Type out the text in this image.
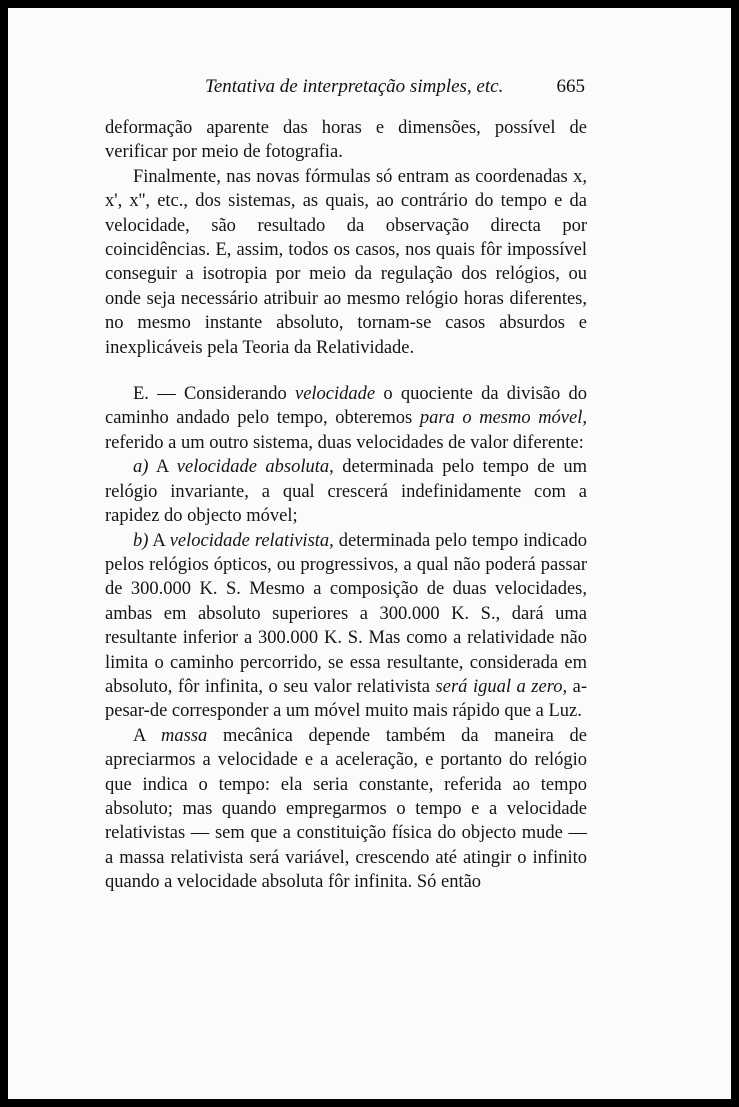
Tentativa de interpretação simples, etc.	665

deformação aparente das horas e dimensões, possível de verificar por meio de fotografia.

Finalmente, nas novas fórmulas só entram as coordenadas x, x', x'', etc., dos sistemas, as quais, ao contrário do tempo e da velocidade, são resultado da observação directa por coincidências. E, assim, todos os casos, nos quais fôr impossível conseguir a isotropia por meio da regulação dos relógios, ou onde seja necessário atribuir ao mesmo relógio horas diferentes, no mesmo instante absoluto, tornam-se casos absurdos e inexplicáveis pela Teoria da Relatividade.

E. — Considerando velocidade o quociente da divisão do caminho andado pelo tempo, obteremos para o mesmo móvel, referido a um outro sistema, duas velocidades de valor diferente:

a) A velocidade absoluta, determinada pelo tempo de um relógio invariante, a qual crescerá indefinidamente com a rapidez do objecto móvel;

b) A velocidade relativista, determinada pelo tempo indicado pelos relógios ópticos, ou progressivos, a qual não poderá passar de 300.000 K. S. Mesmo a composição de duas velocidades, ambas em absoluto superiores a 300.000 K. S., dará uma resultante inferior a 300.000 K. S. Mas como a relatividade não limita o caminho percorrido, se essa resultante, considerada em absoluto, fôr infinita, o seu valor relativista será igual a zero, a-pesar-de corresponder a um móvel muito mais rápido que a Luz.

A massa mecânica depende também da maneira de apreciarmos a velocidade e a aceleração, e portanto do relógio que indica o tempo: ela seria constante, referida ao tempo absoluto; mas quando empregarmos o tempo e a velocidade relativistas — sem que a constituição física do objecto mude — a massa relativista será variável, crescendo até atingir o infinito quando a velocidade absoluta fôr infinita. Só então
